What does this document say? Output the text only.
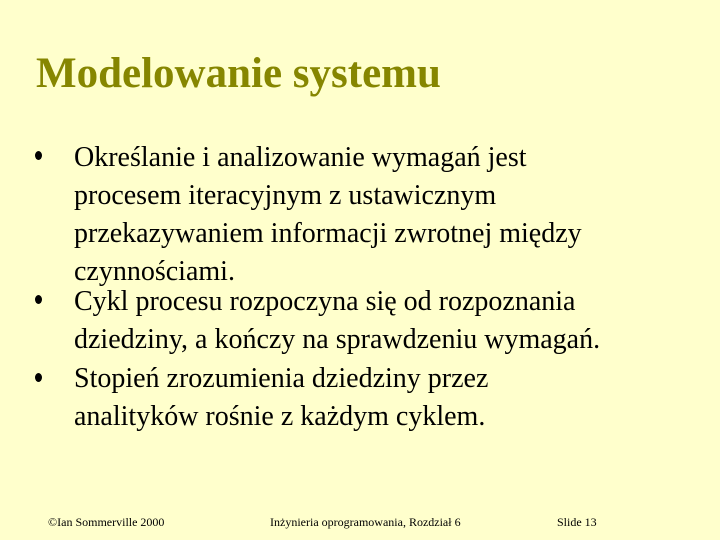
Modelowanie systemu
Określanie i analizowanie wymagań jest
procesem iteracyjnym z ustawicznym
przekazywaniem informacji zwrotnej między
czynnościami.
Cykl procesu rozpoczyna się od rozpoznania
dziedziny, a kończy na sprawdzeniu wymagań.
Stopień zrozumienia dziedziny przez
analityków rośnie z każdym cyklem.
©Ian Sommerville 2000	Inżynieria oprogramowania, Rozdział 6	Slide 13
